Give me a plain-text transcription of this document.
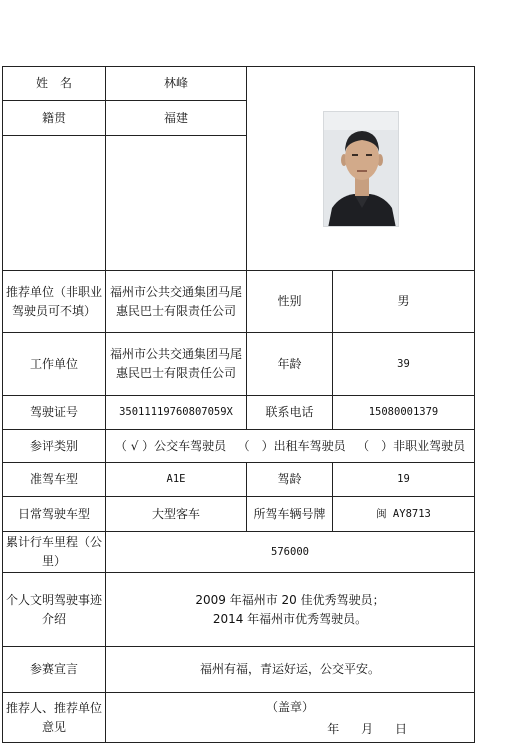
姓　名	林峰	

籍贯	福建		

推荐单位（非职业驾驶员可不填）	福州市公共交通集团马尾惠民巴士有限责任公司	性别	男
工作单位	福州市公共交通集团马尾惠民巴士有限责任公司	年龄	39
驾驶证号	35011119760807059X	联系电话	15080001379
参评类别	（ √ ）公交车驾驶员 （　）出租车驾驶员 （　）非职业驾驶员		
准驾车型	A1E	驾龄	19
日常驾驶车型	大型客车	所驾车辆号牌	闽 AY8713
累计行车里程（公里）	576000		
个人文明驾驶事迹介绍	2009 年福州市 20 佳优秀驾驶员；
2014 年福州市优秀驾驶员。		

参赛宣言	福州有福，青运好运，公交平安。		
推荐人、推荐单位意见	（盖章）
年 月 日		
